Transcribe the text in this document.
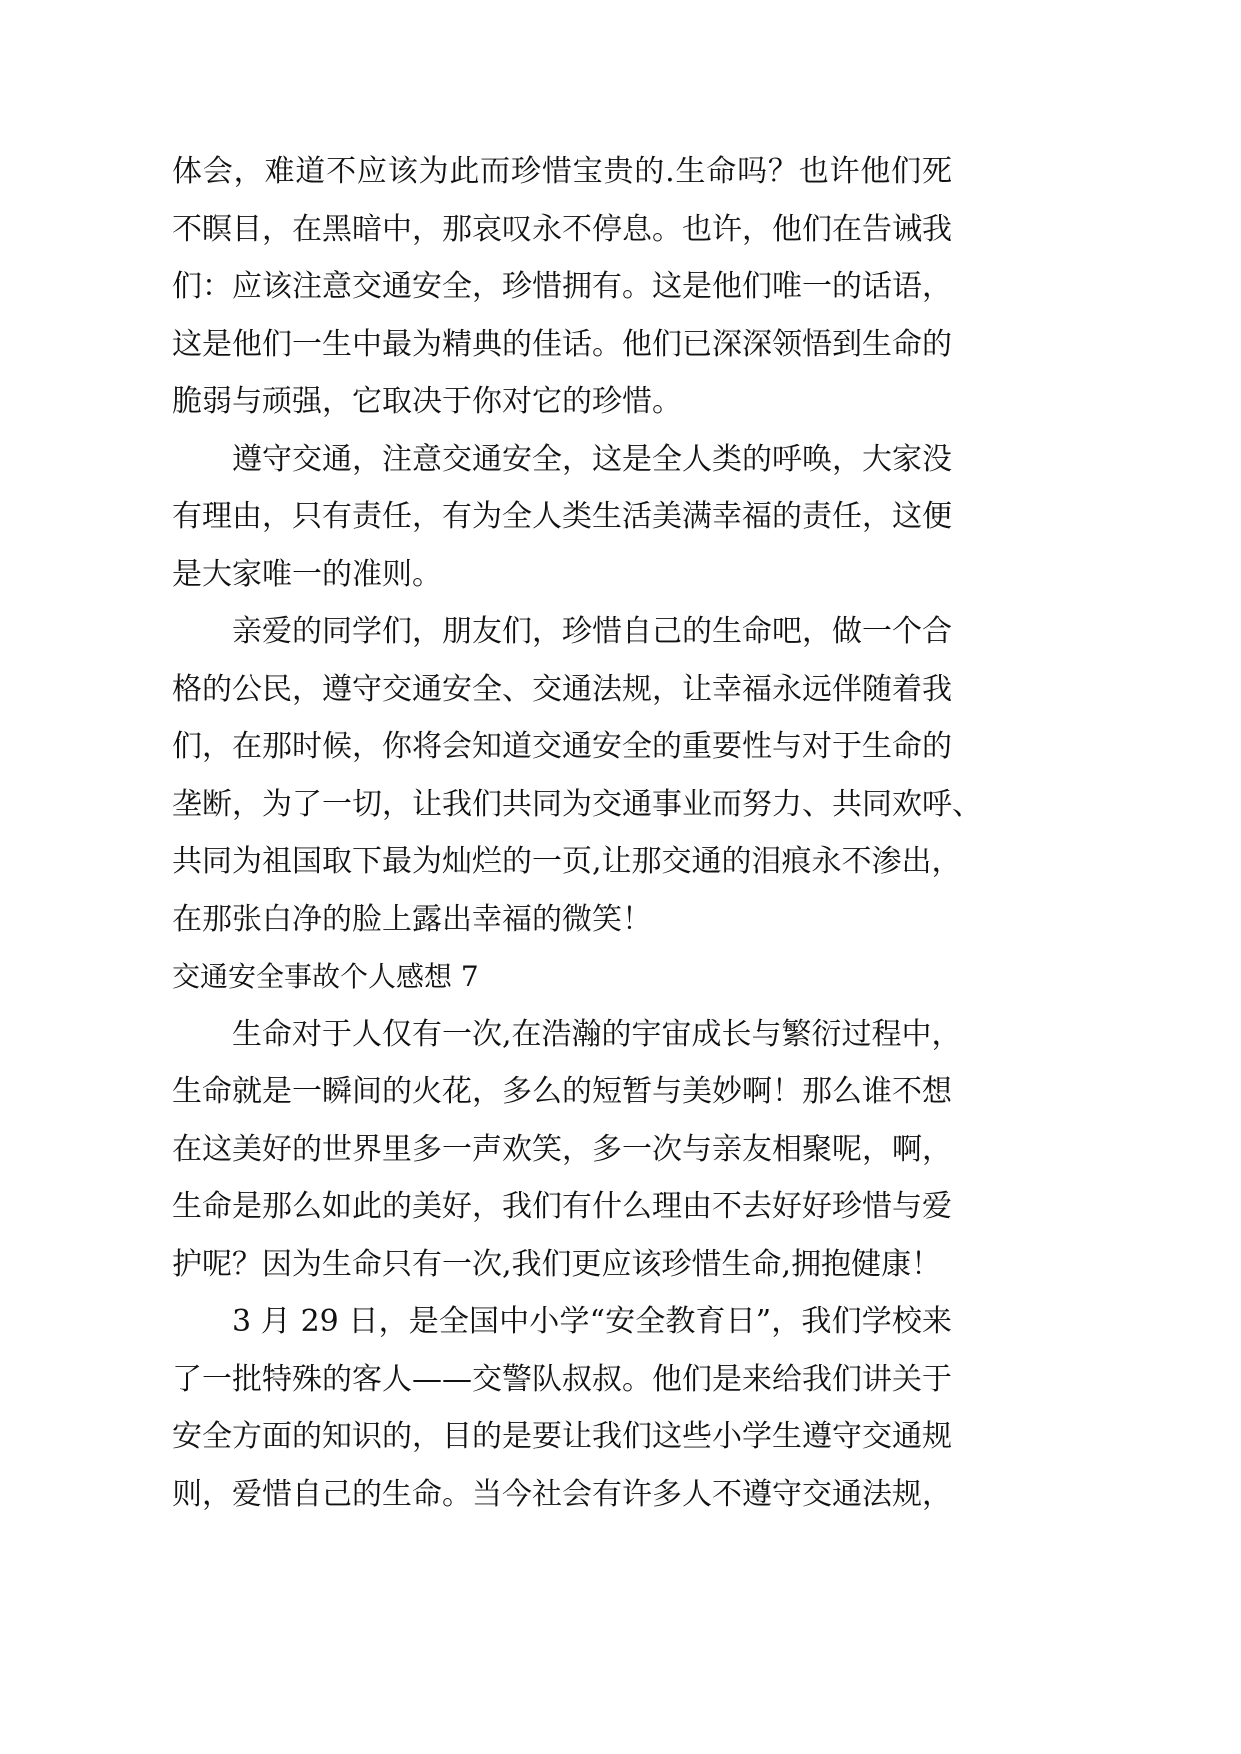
体会，难道不应该为此而珍惜宝贵的.生命吗？也许他们死
不瞑目，在黑暗中，那哀叹永不停息。也许，他们在告诫我
们：应该注意交通安全，珍惜拥有。这是他们唯一的话语，
这是他们一生中最为精典的佳话。他们已深深领悟到生命的
脆弱与顽强，它取决于你对它的珍惜。
遵守交通，注意交通安全，这是全人类的呼唤，大家没
有理由，只有责任，有为全人类生活美满幸福的责任，这便
是大家唯一的准则。
亲爱的同学们，朋友们，珍惜自己的生命吧，做一个合
格的公民，遵守交通安全、交通法规，让幸福永远伴随着我
们，在那时候，你将会知道交通安全的重要性与对于生命的
垄断，为了一切，让我们共同为交通事业而努力、共同欢呼、
共同为祖国取下最为灿烂的一页,让那交通的泪痕永不渗出，
在那张白净的脸上露出幸福的微笑！
交通安全事故个人感想 7
生命对于人仅有一次,在浩瀚的宇宙成长与繁衍过程中，
生命就是一瞬间的火花，多么的短暂与美妙啊！那么谁不想
在这美好的世界里多一声欢笑，多一次与亲友相聚呢，啊，
生命是那么如此的美好，我们有什么理由不去好好珍惜与爱
护呢？因为生命只有一次,我们更应该珍惜生命,拥抱健康！
3 月 29 日，是全国中小学“安全教育日”，我们学校来
了一批特殊的客人——交警队叔叔。他们是来给我们讲关于
安全方面的知识的，目的是要让我们这些小学生遵守交通规
则，爱惜自己的生命。当今社会有许多人不遵守交通法规，
